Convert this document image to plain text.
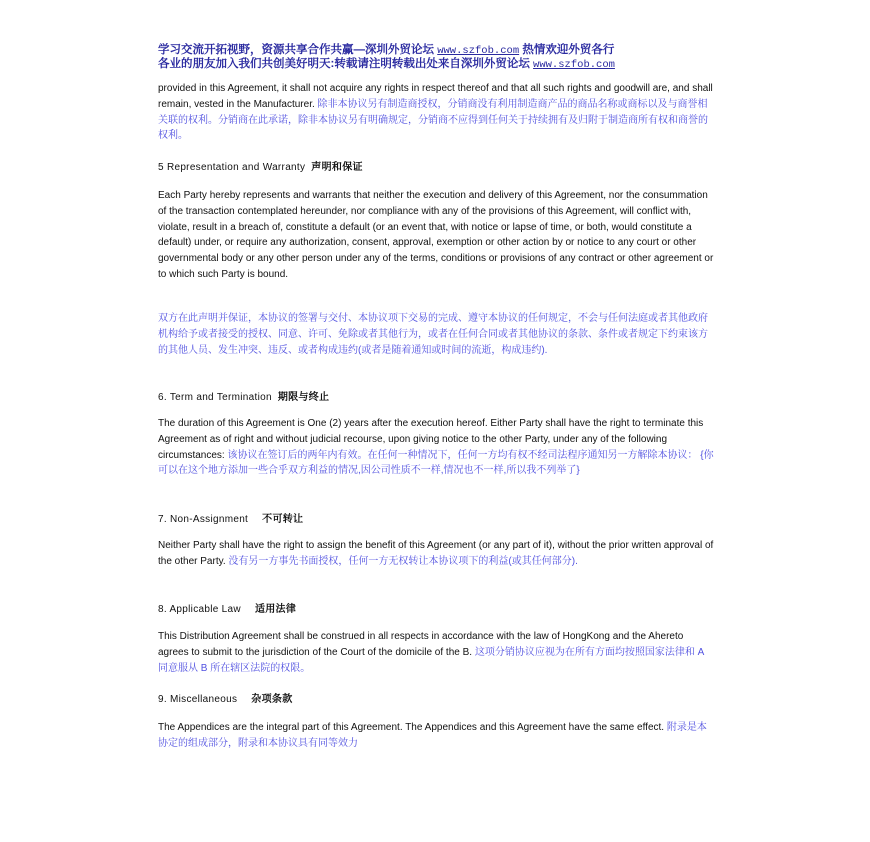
学习交流开拓视野，资源共享合作共赢—深圳外贸论坛 www.szfob.com 热情欢迎外贸各行
各业的朋友加入我们共创美好明天:转载请注明转载出处来自深圳外贸论坛 www.szfob.com
provided in this Agreement, it shall not acquire any rights in respect thereof and that all such rights and goodwill are, and shall remain, vested in the Manufacturer. 除非本协议另有制造商授权，分销商没有利用制造商产品的商品名称或商标以及与商誉相关联的权利。分销商在此承诺，除非本协议另有明确规定，分销商不应得到任何关于持续拥有及归附于制造商所有权和商誉的权利。
5 Representation and Warranty 声明和保证
Each Party hereby represents and warrants that neither the execution and delivery of this Agreement, nor the consummation of the transaction contemplated hereunder, nor compliance with any of the provisions of this Agreement, will conflict with, violate, result in a breach of, constitute a default (or an event that, with notice or lapse of time, or both, would constitute a default) under, or require any authorization, consent, approval, exemption or other action by or notice to any court or other governmental body or any other person under any of the terms, conditions or provisions of any contract or other agreement or to which such Party is bound.
双方在此声明并保证，本协议的签署与交付、本协议项下交易的完成、遵守本协议的任何规定，不会与任何法庭或者其他政府机构给予或者接受的授权、同意、许可、免除或者其他行为，或者在任何合同或者其他协议的条款、条件或者规定下约束该方的其他人员、发生冲突、违反、或者构成违约(或者是随着通知或时间的流逝，构成违约).
6. Term and Termination 期限与终止
The duration of this Agreement is One (2) years after the execution hereof. Either Party shall have the right to terminate this Agreement as of right and without judicial recourse, upon giving notice to the other Party, under any of the following circumstances: 该协议在签订后的两年内有效。在任何一种情况下，任何一方均有权不经司法程序通知另一方解除本协议： {你可以在这个地方添加一些合乎双方利益的情况,因公司性质不一样,情况也不一样,所以我不列举了}
7. Non-Assignment 不可转让
Neither Party shall have the right to assign the benefit of this Agreement (or any part of it), without the prior written approval of the other Party. 没有另一方事先书面授权，任何一方无权转让本协议项下的利益(或其任何部分).
8. Applicable Law 适用法律
This Distribution Agreement shall be construed in all respects in accordance with the law of HongKong and the Ahereto agrees to submit to the jurisdiction of the Court of the domicile of the B. 这项分销协议应视为在所有方面均按照国家法律和 A 同意服从 B 所在辖区法院的权限。
9. Miscellaneous 杂项条款
The Appendices are the integral part of this Agreement. The Appendices and this Agreement have the same effect. 附录是本协定的组成部分，附录和本协议具有同等效力
